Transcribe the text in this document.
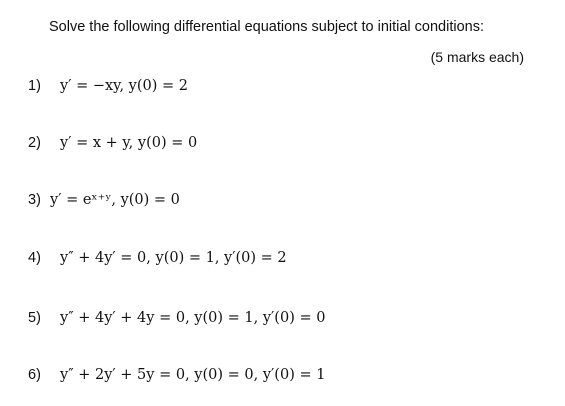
Solve the following differential equations subject to initial conditions:
(5 marks each)
1)	y′ = −xy, y(0) = 2
2)	y′ = x + y, y(0) = 0
3) y′ = eˣ⁺ʸ, y(0) = 0
4)	y″ + 4y′ = 0, y(0) = 1, y′(0) = 2
5)	y″ + 4y′ + 4y = 0, y(0) = 1, y′(0) = 0
6)	y″ + 2y′ + 5y = 0, y(0) = 0, y′(0) = 1
